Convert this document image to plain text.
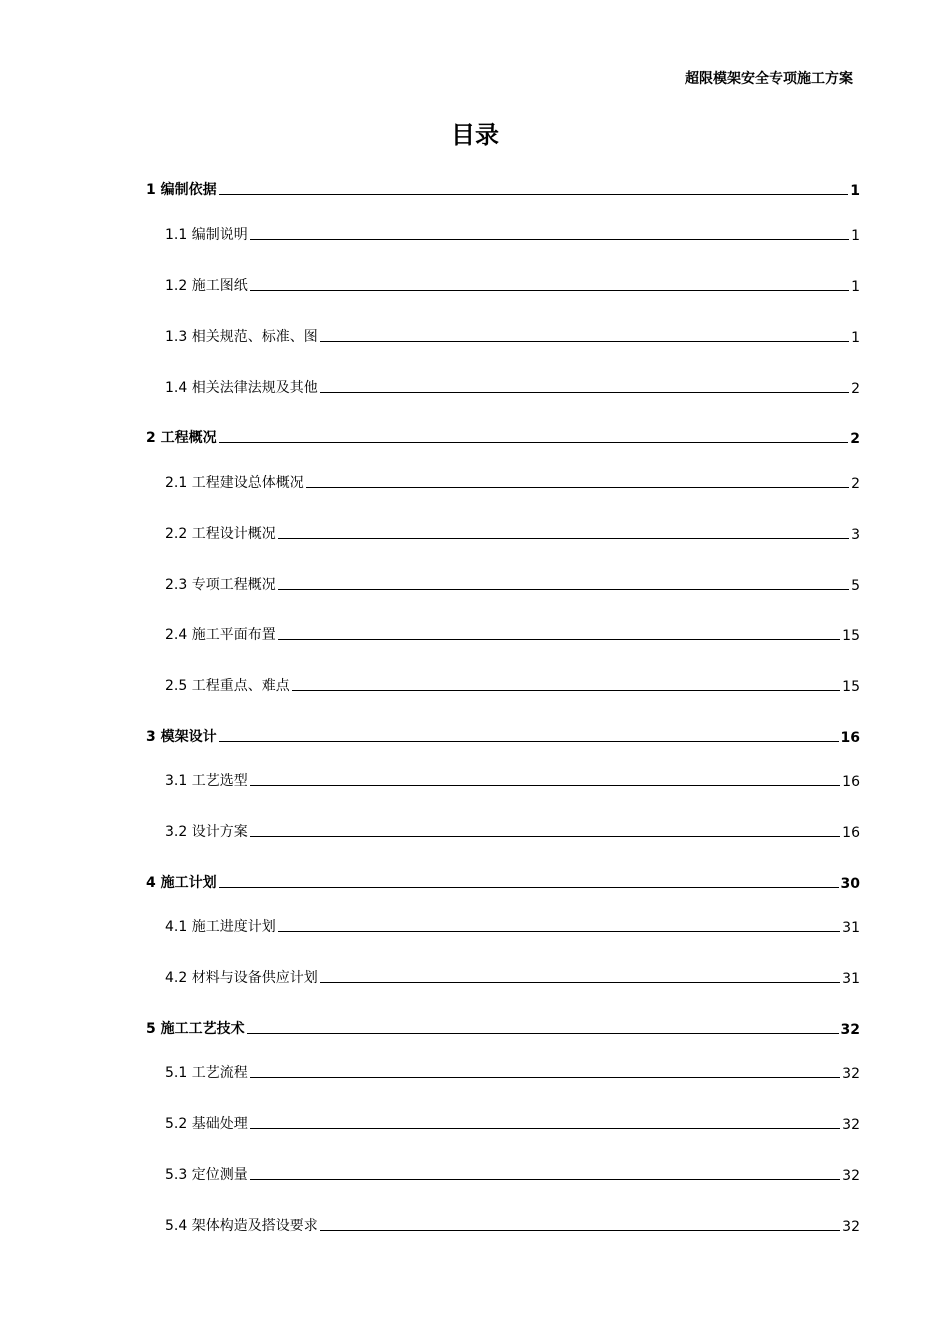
超限模架安全专项施工方案
目录
1 编制依据	1
1.1 编制说明	1
1.2 施工图纸	1
1.3 相关规范、标准、图	1
1.4 相关法律法规及其他	2
2 工程概况	2
2.1 工程建设总体概况	2
2.2 工程设计概况	3
2.3 专项工程概况	5
2.4 施工平面布置	15
2.5 工程重点、难点	15
3 模架设计	16
3.1 工艺选型	16
3.2 设计方案	16
4 施工计划	30
4.1 施工进度计划	31
4.2 材料与设备供应计划	31
5 施工工艺技术	32
5.1 工艺流程	32
5.2 基础处理	32
5.3 定位测量	32
5.4 架体构造及搭设要求	32
